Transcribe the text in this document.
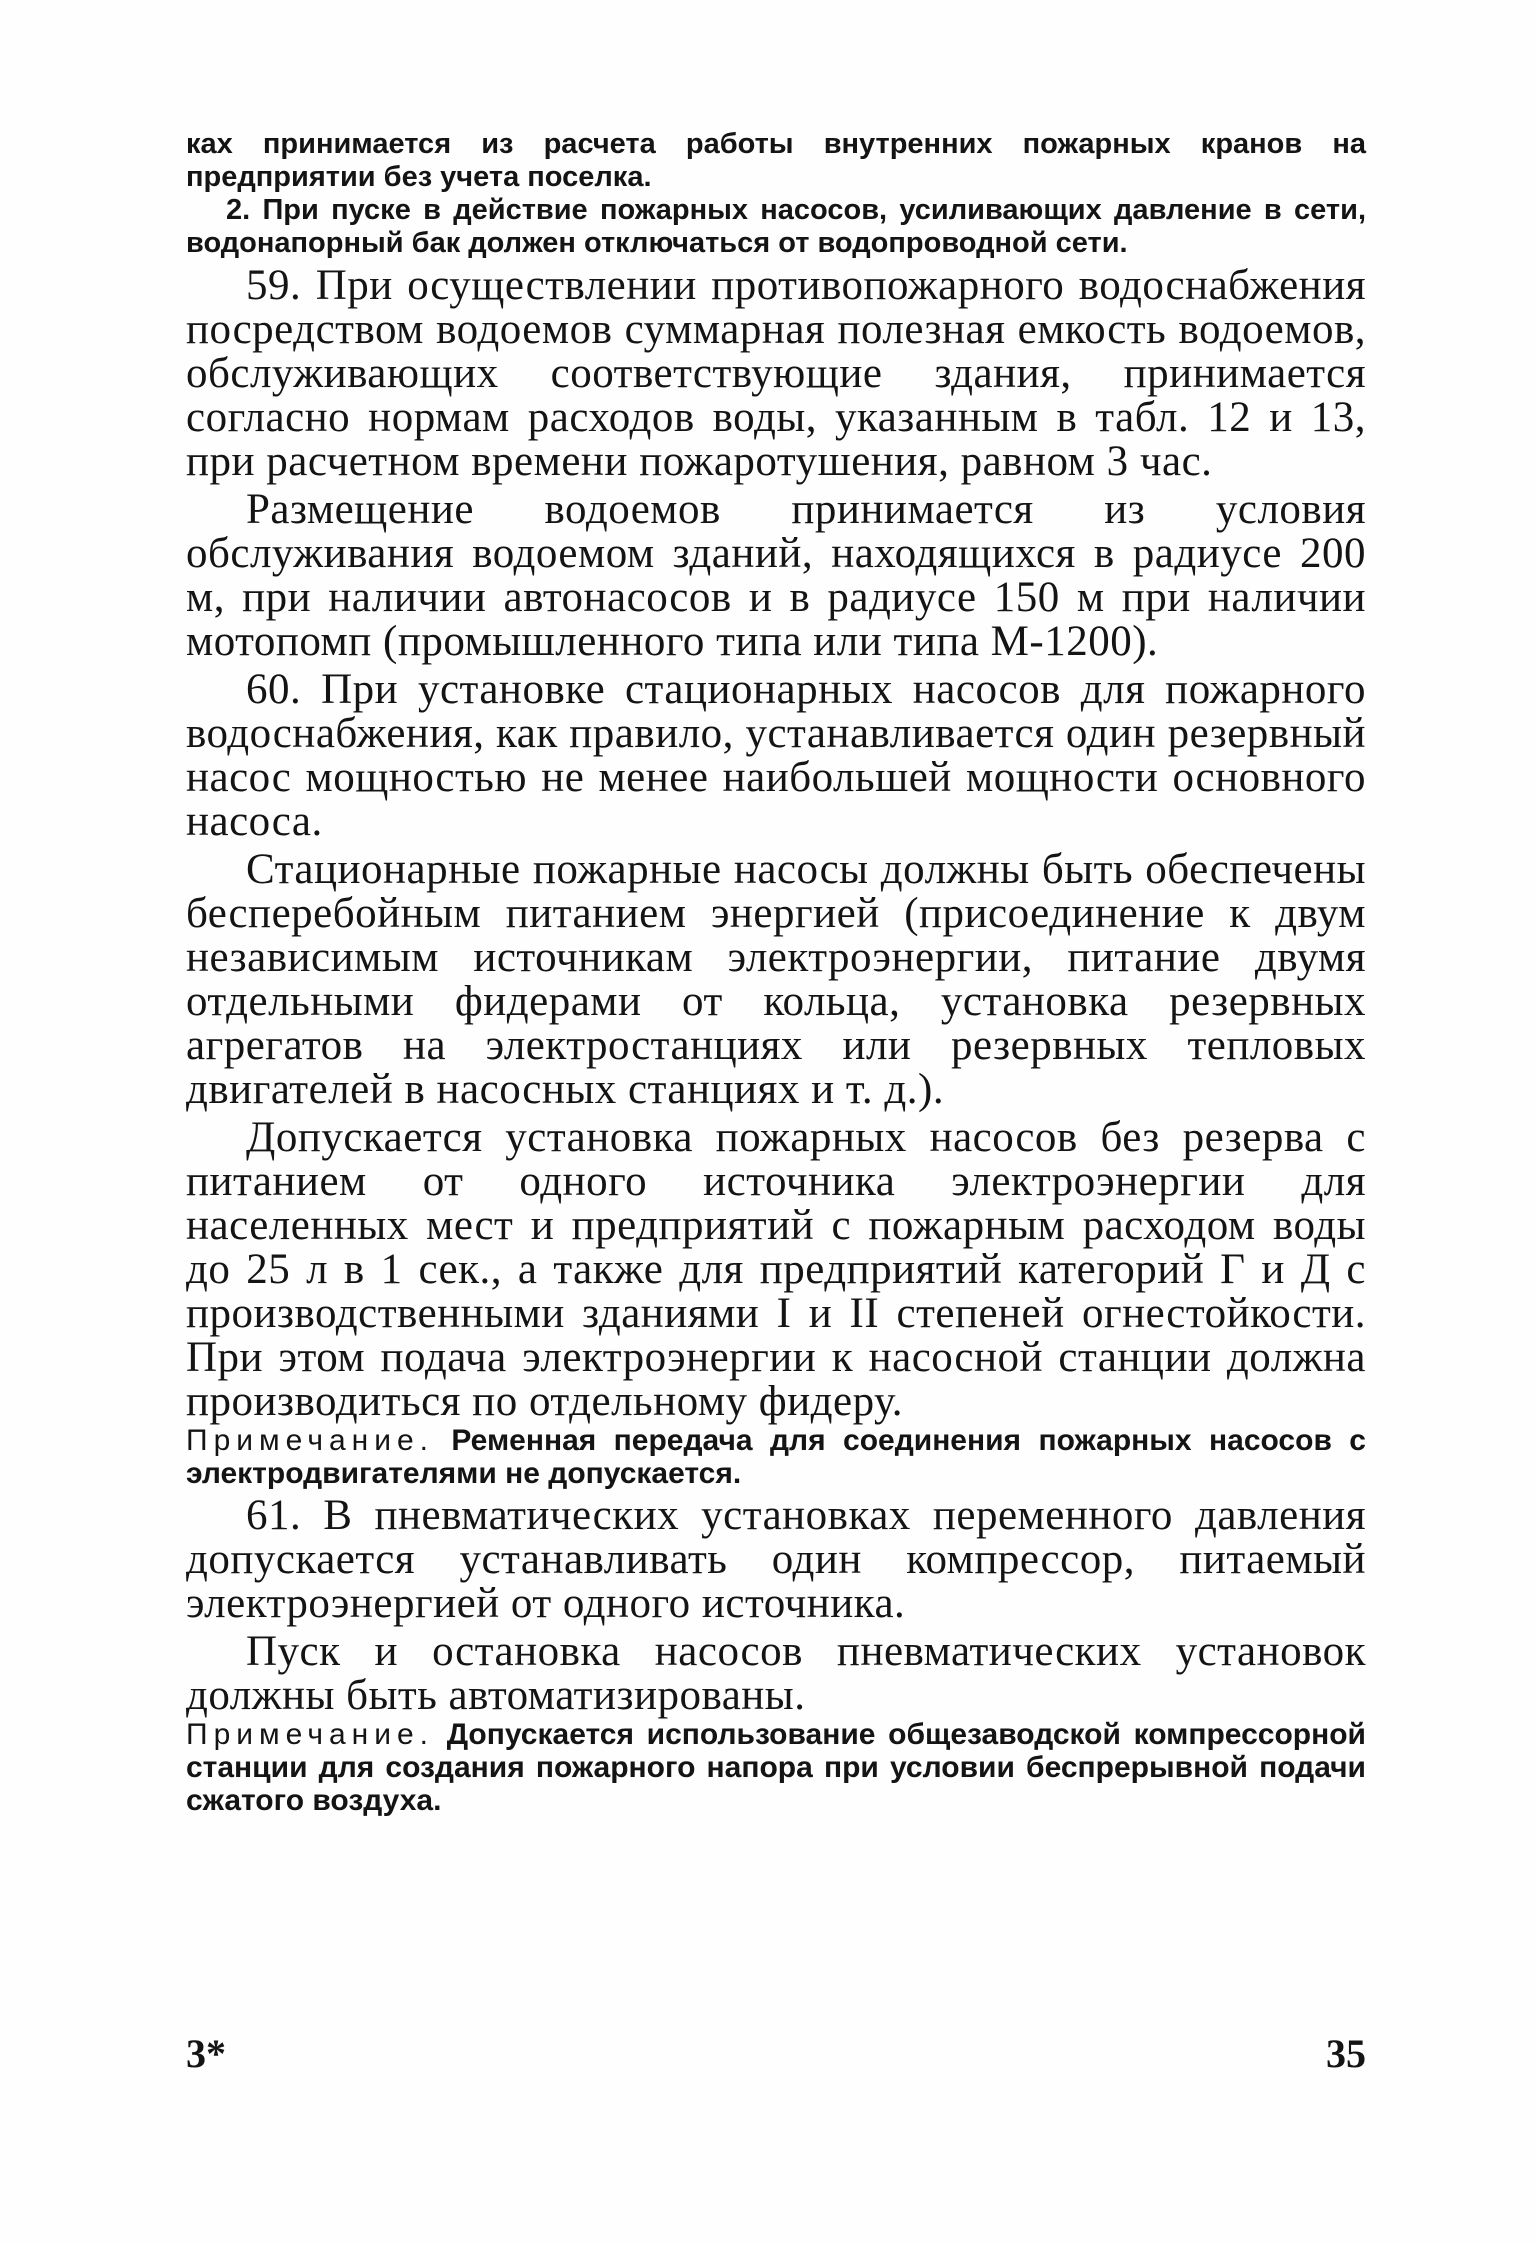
ках принимается из расчета работы внутренних пожарных кранов на предприятии без учета поселка.

2. При пуске в действие пожарных насосов, усиливающих давление в сети, водонапорный бак должен отключаться от водопроводной сети.

59. При осуществлении противопожарного водоснабжения посредством водоемов суммарная полезная емкость водоемов, обслуживающих соответствующие здания, принимается согласно нормам расходов воды, указанным в табл. 12 и 13, при расчетном времени пожаротушения, равном 3 час.

Размещение водоемов принимается из условия обслуживания водоемом зданий, находящихся в радиусе 200 м, при наличии автонасосов и в радиусе 150 м при наличии мотопомп (промышленного типа или типа М-1200).

60. При установке стационарных насосов для пожарного водоснабжения, как правило, устанавливается один резервный насос мощностью не менее наибольшей мощности основного насоса.

Стационарные пожарные насосы должны быть обеспечены бесперебойным питанием энергией (присоединение к двум независимым источникам электроэнергии, питание двумя отдельными фидерами от кольца, установка резервных агрегатов на электростанциях или резервных тепловых двигателей в насосных станциях и т. д.).

Допускается установка пожарных насосов без резерва с питанием от одного источника электроэнергии для населенных мест и предприятий с пожарным расходом воды до 25 л в 1 сек., а также для предприятий категорий Г и Д с производственными зданиями I и II степеней огнестойкости. При этом подача электроэнергии к насосной станции должна производиться по отдельному фидеру.

Примечание. Ременная передача для соединения пожарных насосов с электродвигателями не допускается.

61. В пневматических установках переменного давления допускается устанавливать один компрессор, питаемый электроэнергией от одного источника.

Пуск и остановка насосов пневматических установок должны быть автоматизированы.

Примечание. Допускается использование общезаводской компрессорной станции для создания пожарного напора при условии беспрерывной подачи сжатого воздуха.

3*	35
